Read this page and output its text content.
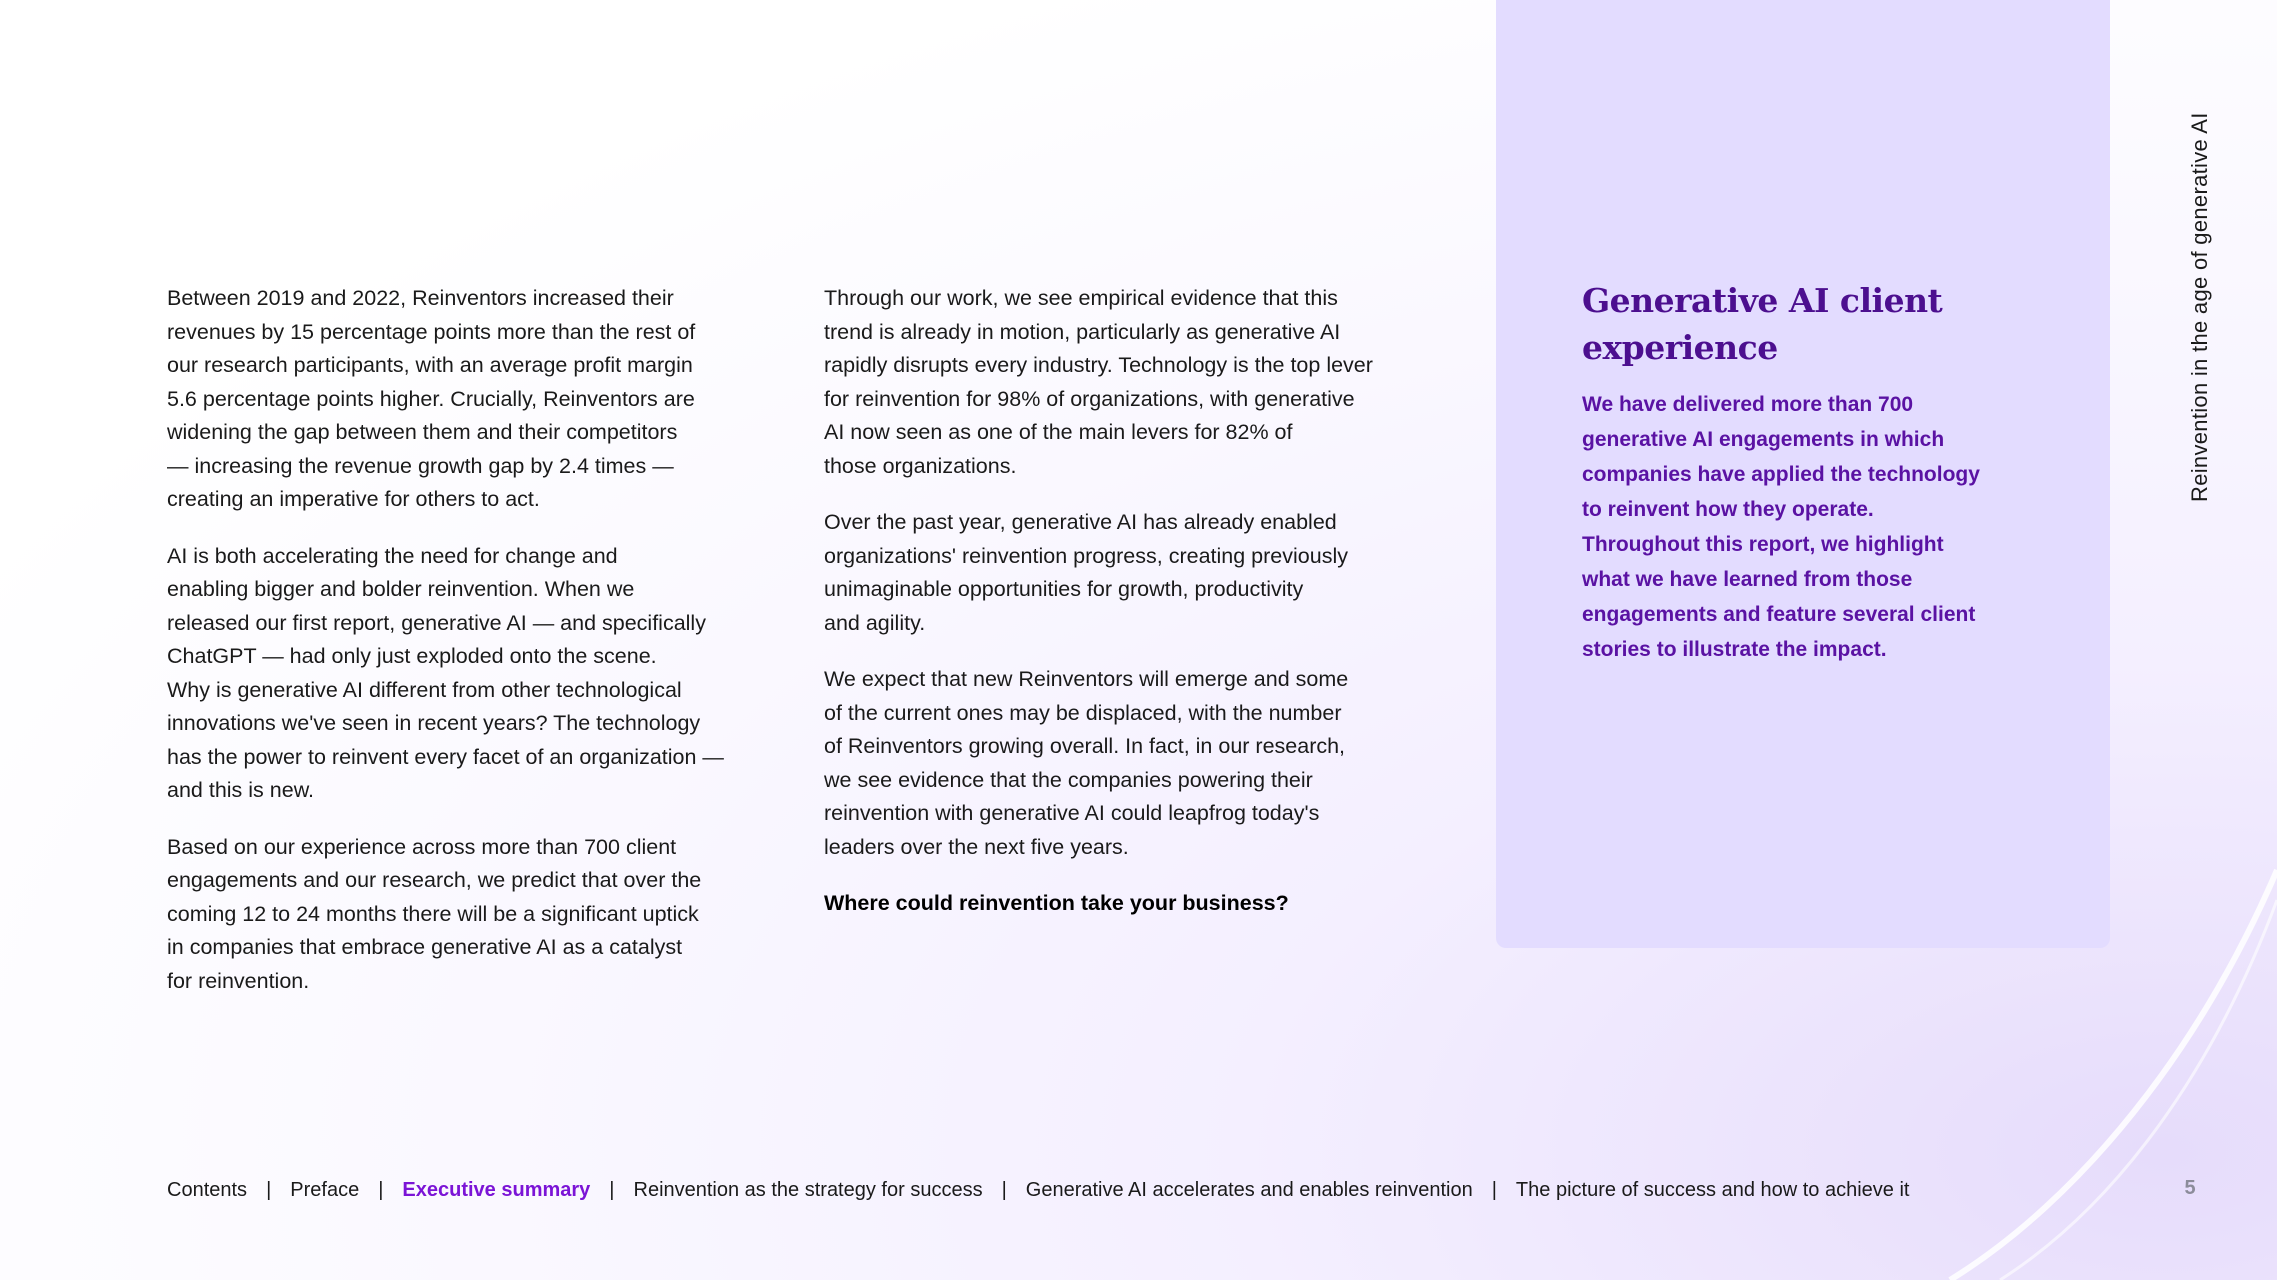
Between 2019 and 2022, Reinventors increased their
revenues by 15 percentage points more than the rest of
our research participants, with an average profit margin
5.6 percentage points higher. Crucially, Reinventors are
widening the gap between them and their competitors
— increasing the revenue growth gap by 2.4 times —
creating an imperative for others to act.

AI is both accelerating the need for change and
enabling bigger and bolder reinvention. When we
released our first report, generative AI — and specifically
ChatGPT — had only just exploded onto the scene.
Why is generative AI different from other technological
innovations we've seen in recent years? The technology
has the power to reinvent every facet of an organization —
and this is new.

Based on our experience across more than 700 client
engagements and our research, we predict that over the
coming 12 to 24 months there will be a significant uptick
in companies that embrace generative AI as a catalyst
for reinvention.

Through our work, we see empirical evidence that this
trend is already in motion, particularly as generative AI
rapidly disrupts every industry. Technology is the top lever
for reinvention for 98% of organizations, with generative
AI now seen as one of the main levers for 82% of
those organizations.

Over the past year, generative AI has already enabled
organizations' reinvention progress, creating previously
unimaginable opportunities for growth, productivity
and agility.

We expect that new Reinventors will emerge and some
of the current ones may be displaced, with the number
of Reinventors growing overall. In fact, in our research,
we see evidence that the companies powering their
reinvention with generative AI could leapfrog today's
leaders over the next five years.

Where could reinvention take your business?

Generative AI client
experience

We have delivered more than 700
generative AI engagements in which
companies have applied the technology
to reinvent how they operate.
Throughout this report, we highlight
what we have learned from those
engagements and feature several client
stories to illustrate the impact.

Reinvention in the age of generative AI
Contents | Preface | Executive summary | Reinvention as the strategy for success | Generative AI accelerates and enables reinvention | The picture of success and how to achieve it	5
